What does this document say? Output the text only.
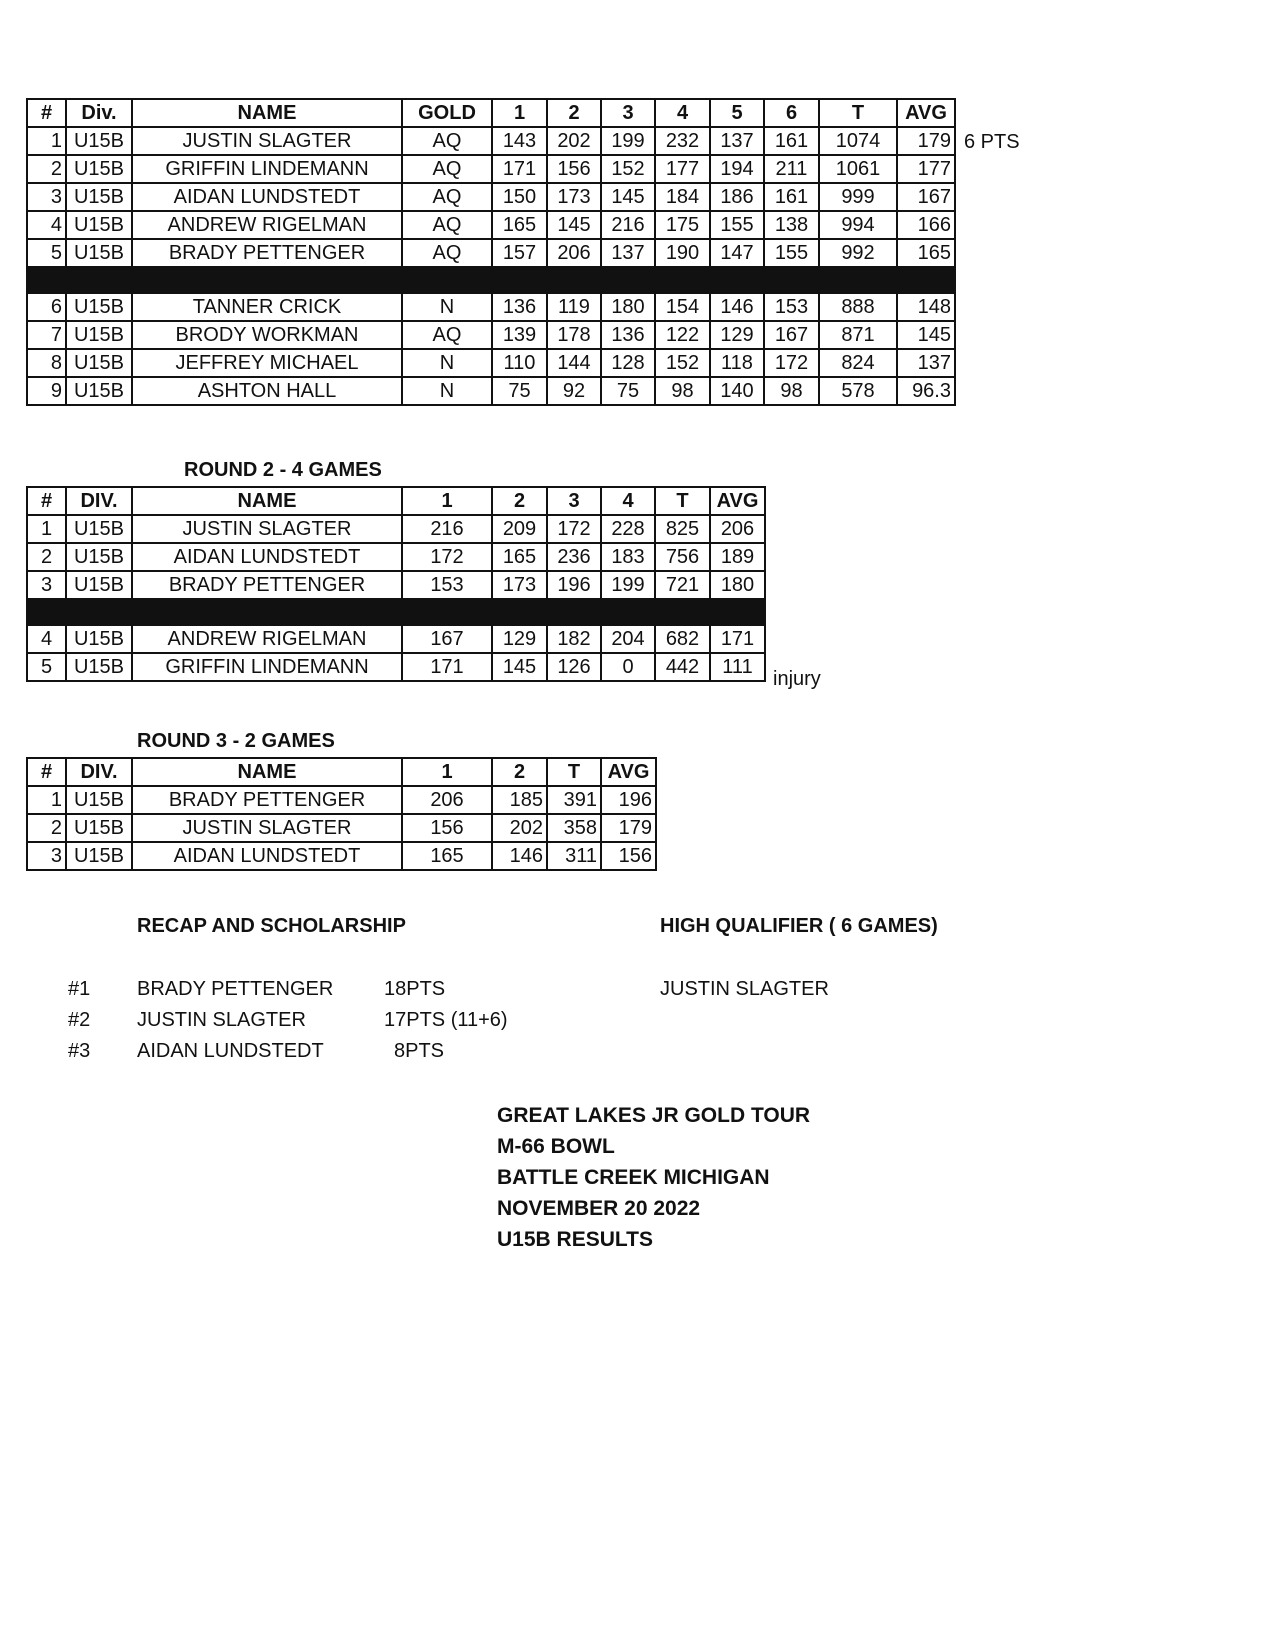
#	Div.	NAME	GOLD	1	2	3	4	5	6	T	AVG
1	U15B	JUSTIN SLAGTER	AQ	143	202	199	232	137	161	1074	179
2	U15B	GRIFFIN LINDEMANN	AQ	171	156	152	177	194	211	1061	177
3	U15B	AIDAN LUNDSTEDT	AQ	150	173	145	184	186	161	999	167
4	U15B	ANDREW RIGELMAN	AQ	165	145	216	175	155	138	994	166
5	U15B	BRADY PETTENGER	AQ	157	206	137	190	147	155	992	165

6	U15B	TANNER CRICK	N	136	119	180	154	146	153	888	148
7	U15B	BRODY WORKMAN	AQ	139	178	136	122	129	167	871	145
8	U15B	JEFFREY MICHAEL	N	110	144	128	152	118	172	824	137
9	U15B	ASHTON HALL	N	75	92	75	98	140	98	578	96.3
6 PTS
ROUND 2 - 4 GAMES
#	DIV.	NAME	1	2	3	4	T	AVG
1	U15B	JUSTIN SLAGTER	216	209	172	228	825	206
2	U15B	AIDAN LUNDSTEDT	172	165	236	183	756	189
3	U15B	BRADY PETTENGER	153	173	196	199	721	180

4	U15B	ANDREW RIGELMAN	167	129	182	204	682	171
5	U15B	GRIFFIN LINDEMANN	171	145	126	0	442	111
injury
ROUND 3 - 2 GAMES
#	DIV.	NAME	1	2	T	AVG
1	U15B	BRADY PETTENGER	206	185	391	196
2	U15B	JUSTIN SLAGTER	156	202	358	179
3	U15B	AIDAN LUNDSTEDT	165	146	311	156
RECAP AND SCHOLARSHIP	HIGH QUALIFIER ( 6 GAMES)
JUSTIN SLAGTER
#1 BRADY PETTENGER	18PTS
#2 JUSTIN SLAGTER	17PTS (11+6)
#3 AIDAN LUNDSTEDT	8PTS
GREAT LAKES JR GOLD TOUR
M-66 BOWL
BATTLE CREEK MICHIGAN
NOVEMBER 20 2022
U15B RESULTS
